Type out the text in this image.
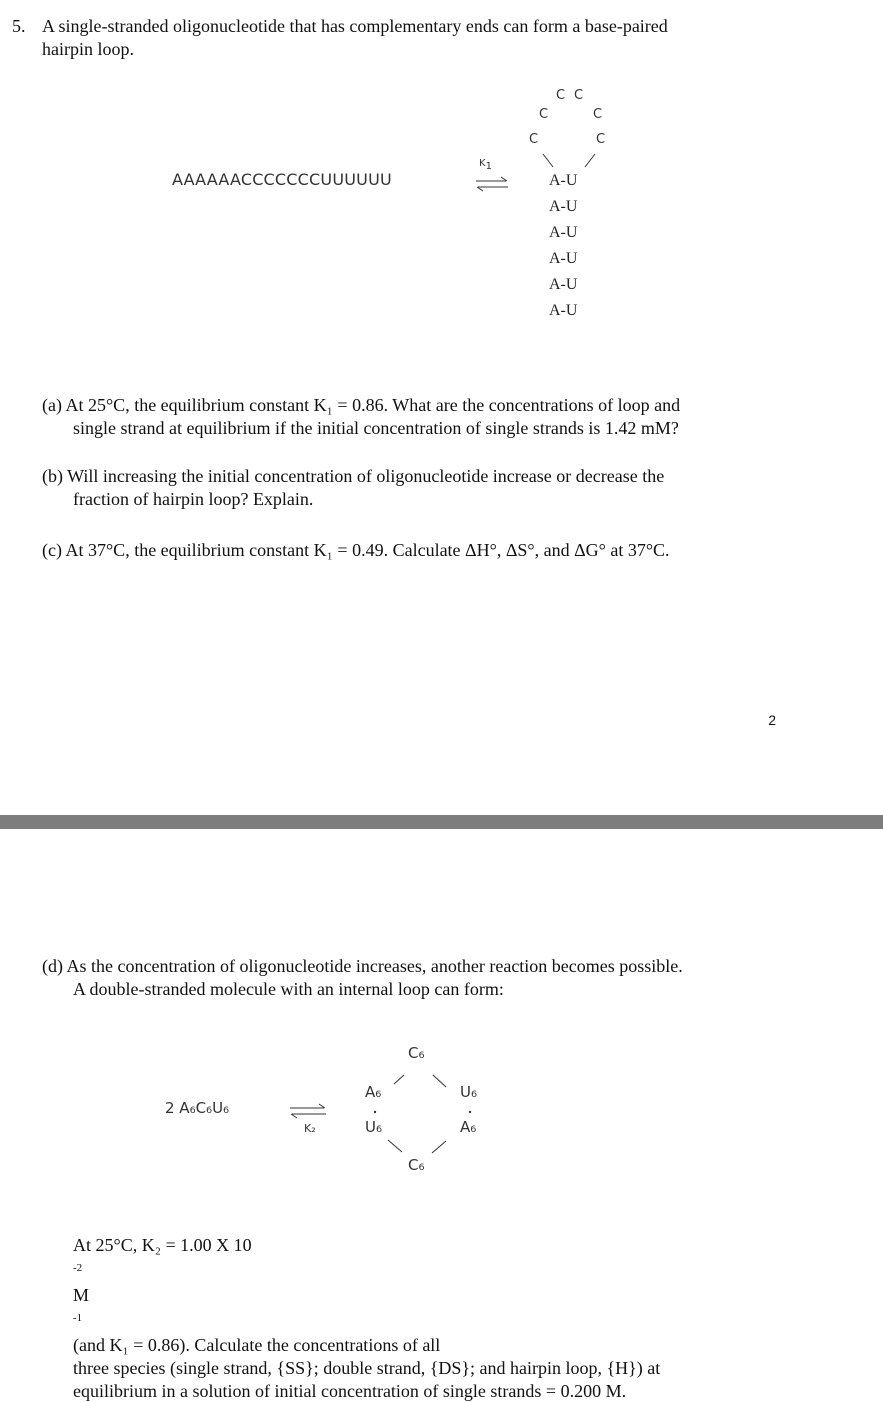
5. A single-stranded oligonucleotide that has complementary ends can form a base-paired
hairpin loop.
AAAAAACCCCCCCUUUUUU
$K_1$
C C
C	C
C	C
A-U
A-U
A-U
A-U
A-U
A-U
(a) At 25°C, the equilibrium constant K₁ = 0.86. What are the concentrations of loop and
single strand at equilibrium if the initial concentration of single strands is 1.42 mM?
(b) Will increasing the initial concentration of oligonucleotide increase or decrease the
fraction of hairpin loop? Explain.
(c) At 37°C, the equilibrium constant K₁ = 0.49. Calculate ΔH°, ΔS°, and ΔG° at 37°C.
2
(d) As the concentration of oligonucleotide increases, another reaction becomes possible.
A double-stranded molecule with an internal loop can form:
2 A₆C₆U₆
K₂
C₆
A₆
U₆
U₆
A₆
C₆
At 25°C, K₂ = 1.00 X 10
$^{-2}$
M
$^{-1}$
(and K₁ = 0.86). Calculate the concentrations of all
three species (single strand, {SS}; double strand, {DS}; and hairpin loop, {H}) at
equilibrium in a solution of initial concentration of single strands = 0.200 M.
